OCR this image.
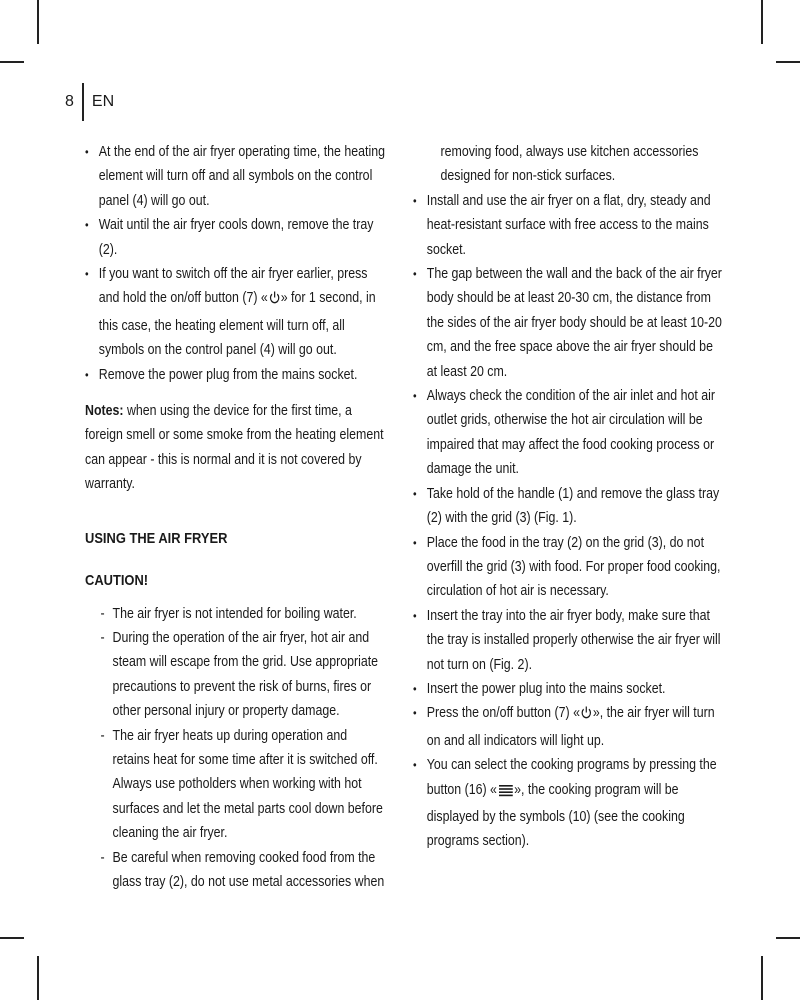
8	EN
• At the end of the air fryer operating time, the heating element will turn off and all symbols on the control panel (4) will go out.
• Wait until the air fryer cools down, remove the tray (2).
• If you want to switch off the air fryer earlier, press and hold the on/off button (7) « » for 1 second, in this case, the heating element will turn off, all symbols on the control panel (4) will go out.
• Remove the power plug from the mains socket.
Notes: when using the device for the first time, a foreign smell or some smoke from the heating element can appear - this is normal and it is not covered by warranty.
USING THE AIR FRYER
CAUTION!
- The air fryer is not intended for boiling water.
- During the operation of the air fryer, hot air and steam will escape from the grid. Use appropriate precautions to prevent the risk of burns, fires or other personal injury or property damage.
- The air fryer heats up during operation and retains heat for some time after it is switched off. Always use potholders when working with hot surfaces and let the metal parts cool down before cleaning the air fryer.
- Be careful when removing cooked food from the glass tray (2), do not use metal accessories when
removing food, always use kitchen accessories designed for non-stick surfaces.
• Install and use the air fryer on a flat, dry, steady and heat-resistant surface with free access to the mains socket.
• The gap between the wall and the back of the air fryer body should be at least 20-30 cm, the distance from the sides of the air fryer body should be at least 10-20 cm, and the free space above the air fryer should be at least 20 cm.
• Always check the condition of the air inlet and hot air outlet grids, otherwise the hot air circulation will be impaired that may affect the food cooking process or damage the unit.
• Take hold of the handle (1) and remove the glass tray (2) with the grid (3) (Fig. 1).
• Place the food in the tray (2) on the grid (3), do not overfill the grid (3) with food. For proper food cooking, circulation of hot air is necessary.
• Insert the tray into the air fryer body, make sure that the tray is installed properly otherwise the air fryer will not turn on (Fig. 2).
• Insert the power plug into the mains socket.
• Press the on/off button (7) « », the air fryer will turn on and all indicators will light up.
• You can select the cooking programs by pressing the button (16) « », the cooking program will be displayed by the symbols (10) (see the cooking programs section).
